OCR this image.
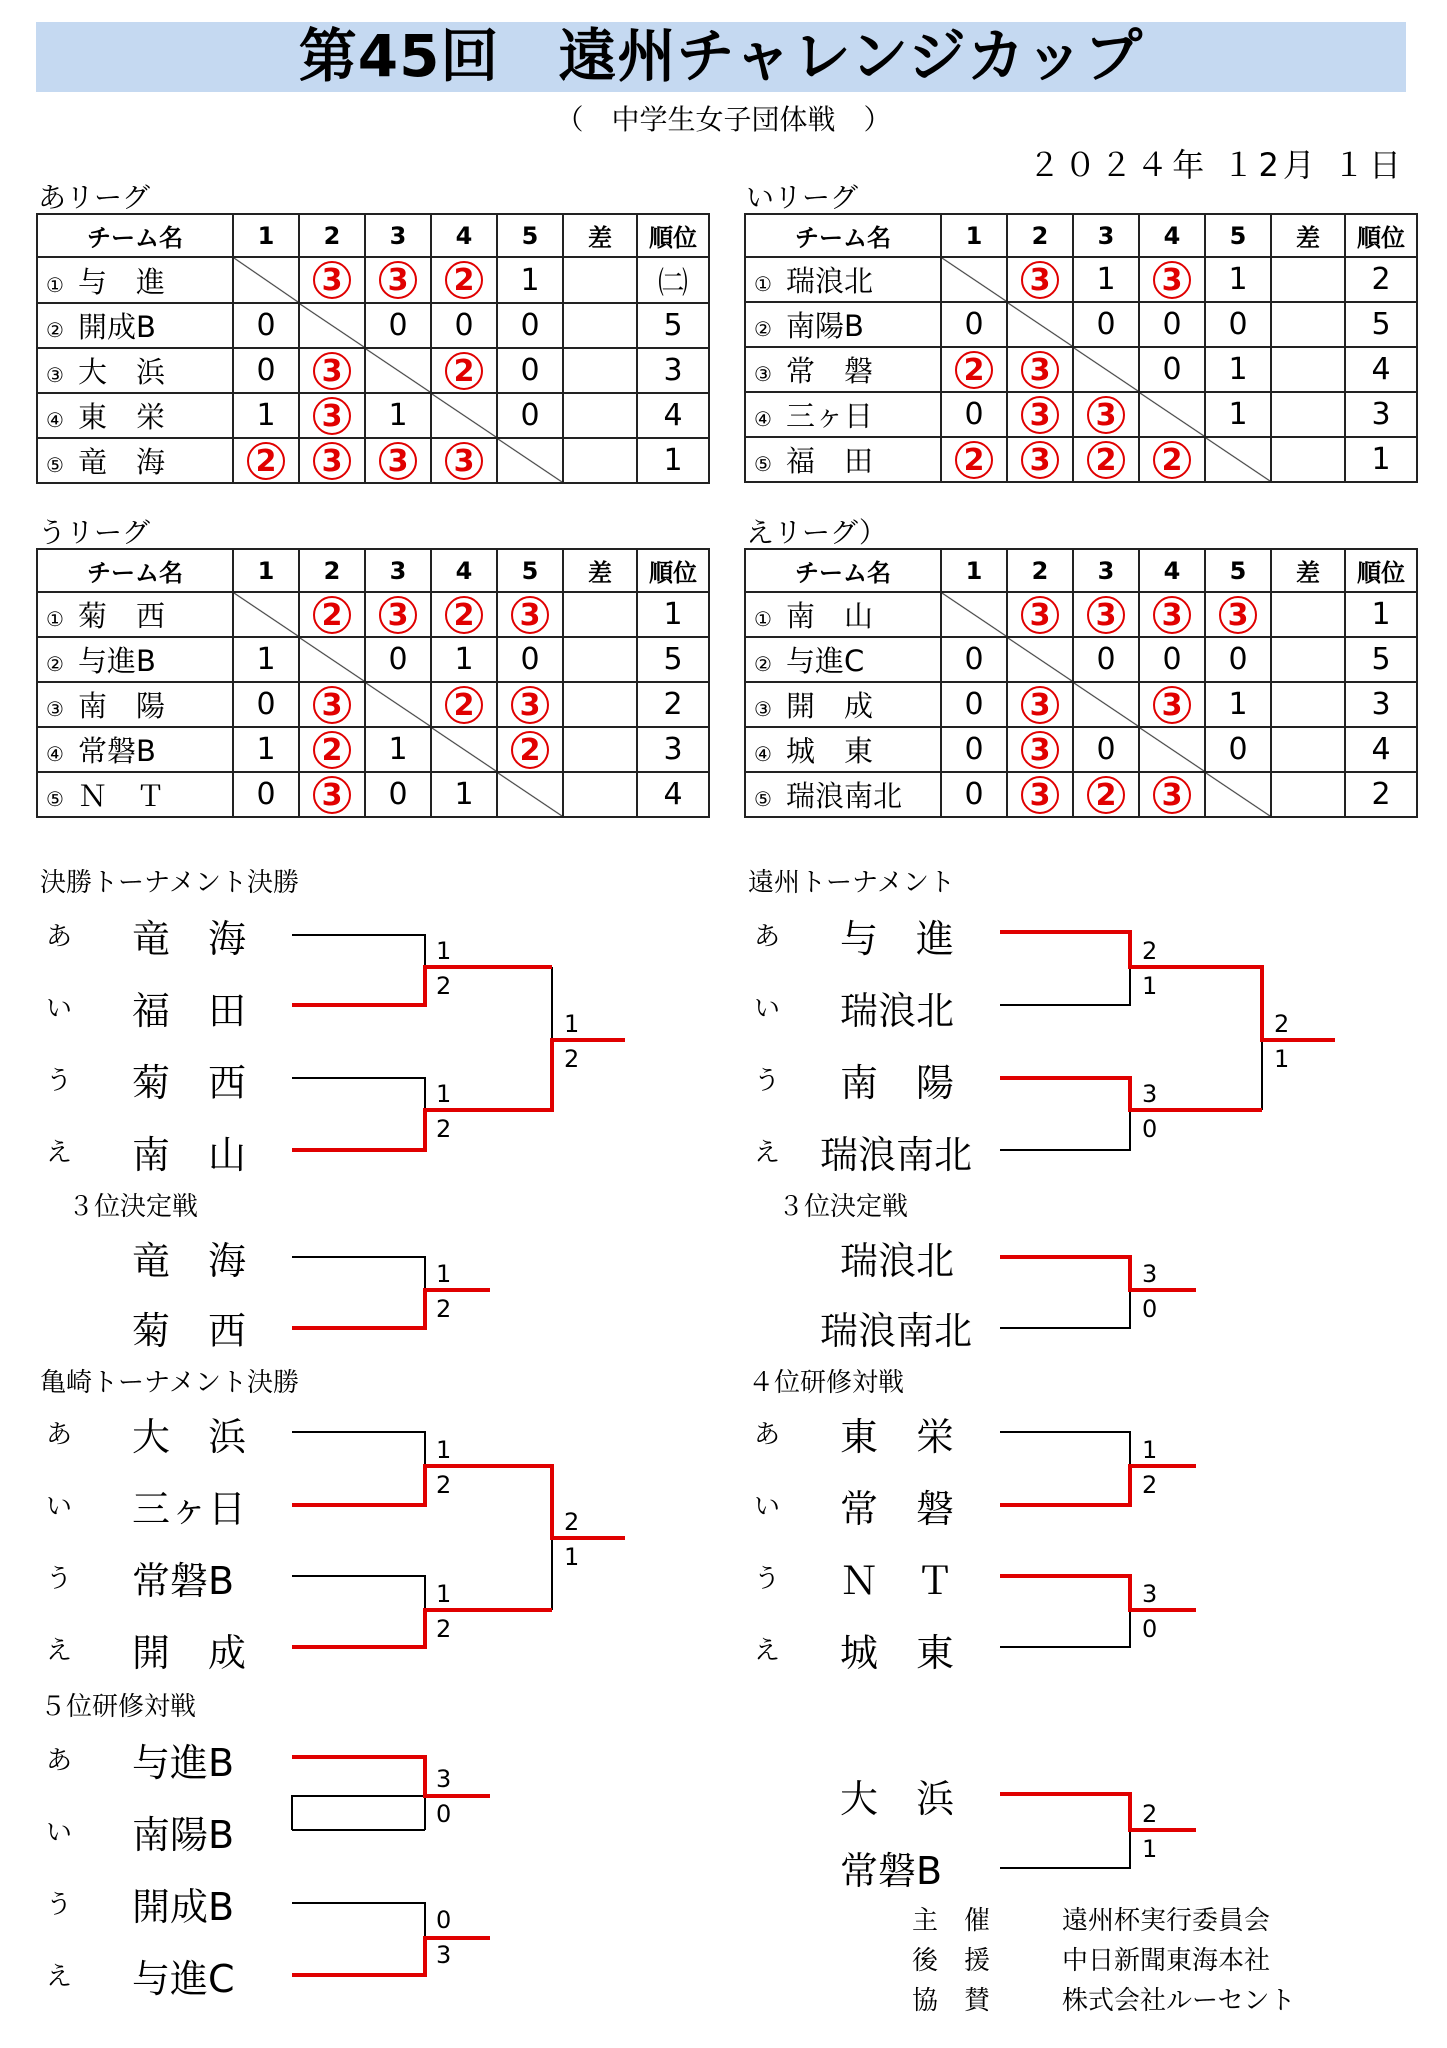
第45回　遠州チャレンジカップ
（　中学生女子団体戦　）
２０２４年 １2月 １日
あリーグ
チーム名	1	2	3	4	5	差	順位
① 与　進		3	3	2	1		㈡
② 開成B	0		0	0	0		5
③ 大　浜	0	3		2	0		3
④ 東　栄	1	3	1		0		4
⑤ 竜　海	2	3	3	3			1
いリーグ
チーム名	1	2	3	4	5	差	順位
① 瑞浪北		3	1	3	1		2
② 南陽B	0		0	0	0		5
③ 常　磐	2	3		0	1		4
④ 三ヶ日	0	3	3		1		3
⑤ 福　田	2	3	2	2			1
うリーグ
チーム名	1	2	3	4	5	差	順位
① 菊　西		2	3	2	3		1
② 与進B	1		0	1	0		5
③ 南　陽	0	3		2	3		2
④ 常磐B	1	2	1		2		3
⑤ Ｎ　Ｔ	0	3	0	1			4
えリーグ）
チーム名	1	2	3	4	5	差	順位
① 南　山		3	3	3	3		1
② 与進C	0		0	0	0		5
③ 開　成	0	3		3	1		3
④ 城　東	0	3	0		0		4
⑤ 瑞浪南北	0	3	2	3			2
決勝トーナメント決勝
あ
い
う
え
竜　海
福　田
菊　西
南　山
1
2
1
2
1
2
３位決定戦
竜　海
菊　西
1
2
亀崎トーナメント決勝
あ
い
う
え
大　浜
三ヶ日
常磐B
開　成
1
2
1
2
2
1
５位研修対戦
あ
い
う
え
与進B
南陽B
開成B
与進C
3
0
0
3
遠州トーナメント
あ
い
う
え
与　進
瑞浪北
南　陽
瑞浪南北
2
1
3
0
2
1
３位決定戦
瑞浪北
瑞浪南北
3
0
４位研修対戦
あ
い
う
え
東　栄
常　磐
Ｎ　Ｔ
城　東
1
2
3
0
大　浜
常磐B
2
1
主　催	遠州杯実行委員会
後　援	中日新聞東海本社
協　賛	株式会社ルーセント
